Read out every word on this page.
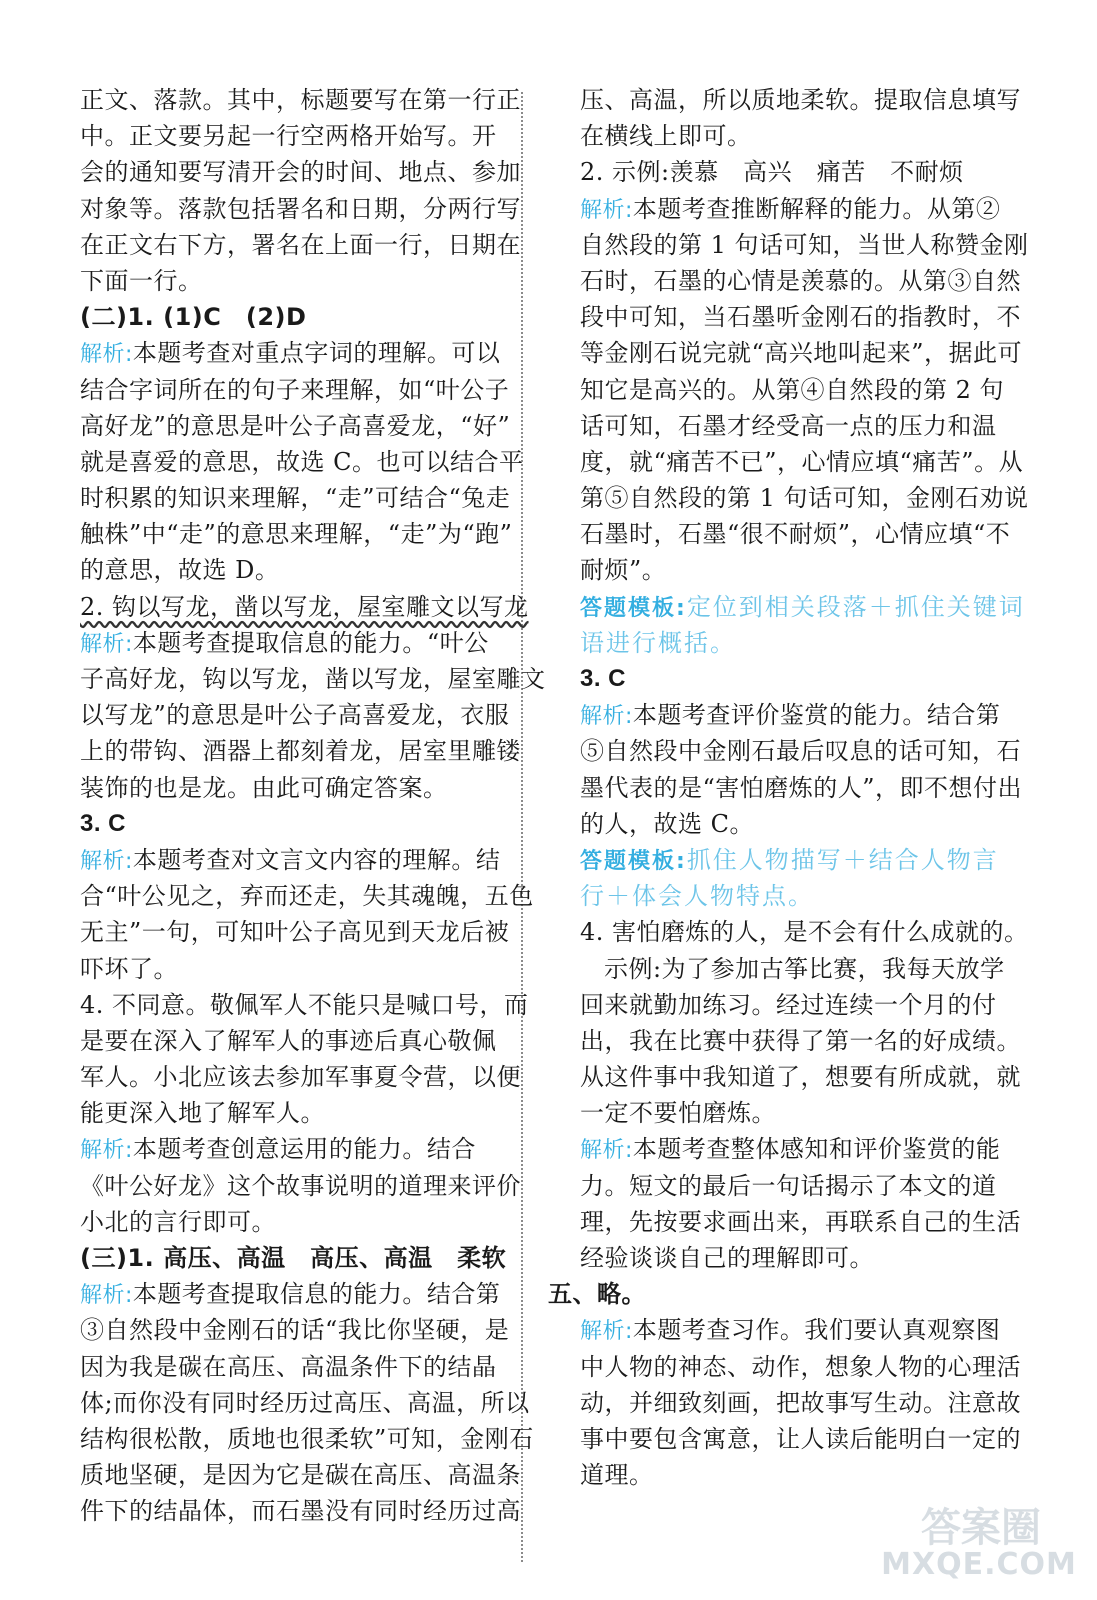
正文、落款。其中，标题要写在第一行正
中。正文要另起一行空两格开始写。开
会的通知要写清开会的时间、地点、参加
对象等。落款包括署名和日期，分两行写
在正文右下方，署名在上面一行，日期在
下面一行。
(二)1. (1)C　(2)D
解析:本题考查对重点字词的理解。可以
结合字词所在的句子来理解，如“叶公子
高好龙”的意思是叶公子高喜爱龙，“好”
就是喜爱的意思，故选 C。也可以结合平
时积累的知识来理解，“走”可结合“兔走
触株”中“走”的意思来理解，“走”为“跑”
的意思，故选 D。
2. 钩以写龙，凿以写龙，屋室雕文以写龙
解析:本题考查提取信息的能力。“叶公
子高好龙，钩以写龙，凿以写龙，屋室雕文
以写龙”的意思是叶公子高喜爱龙，衣服
上的带钩、酒器上都刻着龙，居室里雕镂
装饰的也是龙。由此可确定答案。
3. C
解析:本题考查对文言文内容的理解。结
合“叶公见之，弃而还走，失其魂魄，五色
无主”一句，可知叶公子高见到天龙后被
吓坏了。
4. 不同意。敬佩军人不能只是喊口号，而
是要在深入了解军人的事迹后真心敬佩
军人。小北应该去参加军事夏令营，以便
能更深入地了解军人。
解析:本题考查创意运用的能力。结合
《叶公好龙》这个故事说明的道理来评价
小北的言行即可。
(三)1. 高压、高温　高压、高温　柔软
解析:本题考查提取信息的能力。结合第
③自然段中金刚石的话“我比你坚硬，是
因为我是碳在高压、高温条件下的结晶
体;而你没有同时经历过高压、高温，所以
结构很松散，质地也很柔软”可知，金刚石
质地坚硬，是因为它是碳在高压、高温条
件下的结晶体，而石墨没有同时经历过高
压、高温，所以质地柔软。提取信息填写
在横线上即可。
2. 示例:羡慕　高兴　痛苦　不耐烦
解析:本题考查推断解释的能力。从第②
自然段的第 1 句话可知，当世人称赞金刚
石时，石墨的心情是羡慕的。从第③自然
段中可知，当石墨听金刚石的指教时，不
等金刚石说完就“高兴地叫起来”，据此可
知它是高兴的。从第④自然段的第 2 句
话可知，石墨才经受高一点的压力和温
度，就“痛苦不已”，心情应填“痛苦”。从
第⑤自然段的第 1 句话可知，金刚石劝说
石墨时，石墨“很不耐烦”，心情应填“不
耐烦”。
答题模板:定位到相关段落＋抓住关键词
语进行概括。
3. C
解析:本题考查评价鉴赏的能力。结合第
⑤自然段中金刚石最后叹息的话可知，石
墨代表的是“害怕磨炼的人”，即不想付出
的人，故选 C。
答题模板:抓住人物描写＋结合人物言
行＋体会人物特点。
4. 害怕磨炼的人，是不会有什么成就的。
示例:为了参加古筝比赛，我每天放学
回来就勤加练习。经过连续一个月的付
出，我在比赛中获得了第一名的好成绩。
从这件事中我知道了，想要有所成就，就
一定不要怕磨炼。
解析:本题考查整体感知和评价鉴赏的能
力。短文的最后一句话揭示了本文的道
理，先按要求画出来，再联系自己的生活
经验谈谈自己的理解即可。
五、略。
解析:本题考查习作。我们要认真观察图
中人物的神态、动作，想象人物的心理活
动，并细致刻画，把故事写生动。注意故
事中要包含寓意，让人读后能明白一定的
道理。
答案圈
MXQE.COM
